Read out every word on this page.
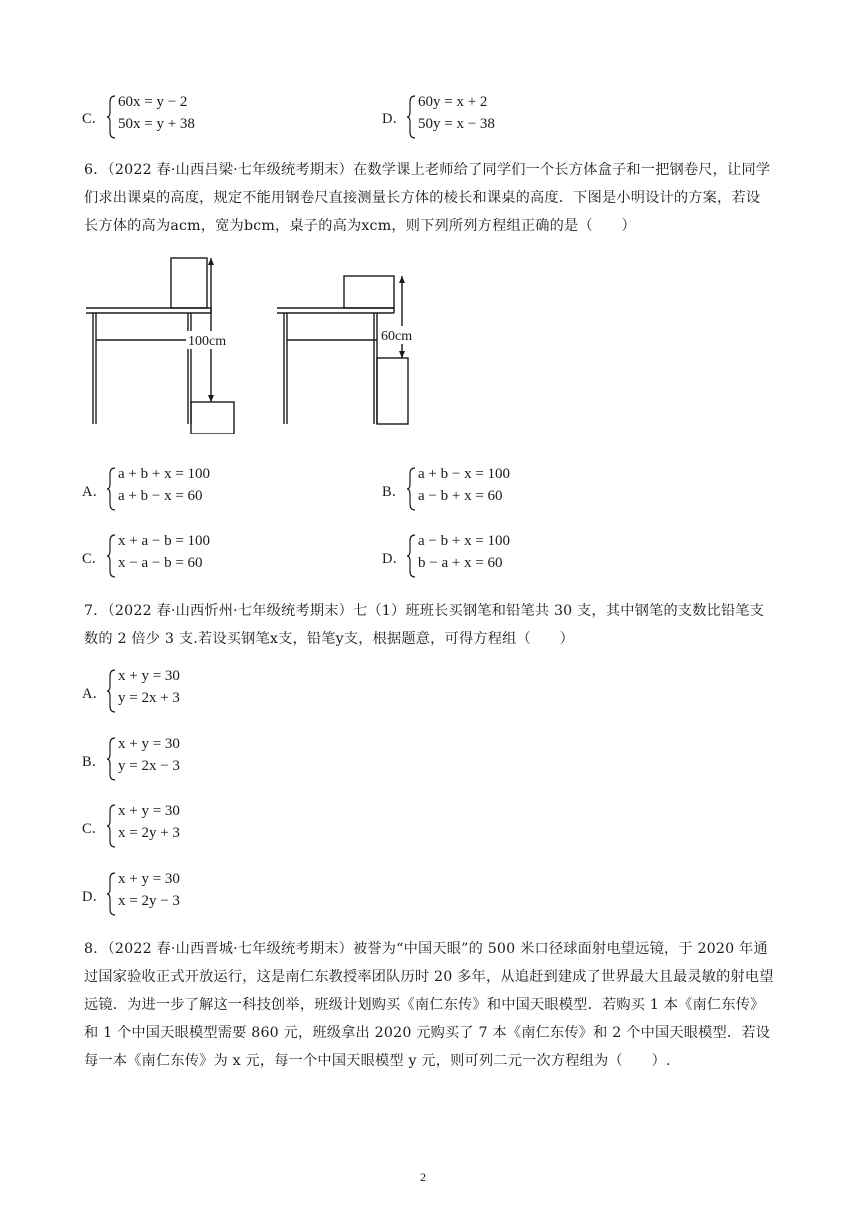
C．
60x = y − 2
50x = y + 38	D．
60y = x + 2
50y = x − 38
6．（2022 春·山西吕梁·七年级统考期末）在数学课上老师给了同学们一个长方体盒子和一把钢卷尺，让同学们求出课桌的高度，规定不能用钢卷尺直接测量长方体的棱长和课桌的高度．下图是小明设计的方案，若设长方体的高为acm，宽为bcm，桌子的高为xcm，则下列所列方程组正确的是（　　）
100cm	60cm
A．
a + b + x = 100
a + b − x = 60	B．
a + b − x = 100
a − b + x = 60
C．
x + a − b = 100
x − a − b = 60	D．
a − b + x = 100
b − a + x = 60
7．（2022 春·山西忻州·七年级统考期末）七（1）班班长买钢笔和铅笔共 30 支，其中钢笔的支数比铅笔支数的 2 倍少 3 支.若设买钢笔x支，铅笔y支，根据题意，可得方程组（　　）
A．
x + y = 30
y = 2x + 3
B．
x + y = 30
y = 2x − 3
C．
x + y = 30
x = 2y + 3
D．
x + y = 30
x = 2y − 3
8．（2022 春·山西晋城·七年级统考期末）被誉为“中国天眼”的 500 米口径球面射电望远镜，于 2020 年通过国家验收正式开放运行，这是南仁东教授率团队历时 20 多年，从追赶到建成了世界最大且最灵敏的射电望远镜．为进一步了解这一科技创举，班级计划购买《南仁东传》和中国天眼模型．若购买 1 本《南仁东传》和 1 个中国天眼模型需要 860 元，班级拿出 2020 元购买了 7 本《南仁东传》和 2 个中国天眼模型．若设每一本《南仁东传》为 x 元，每一个中国天眼模型 y 元，则可列二元一次方程组为（　　）.
2
